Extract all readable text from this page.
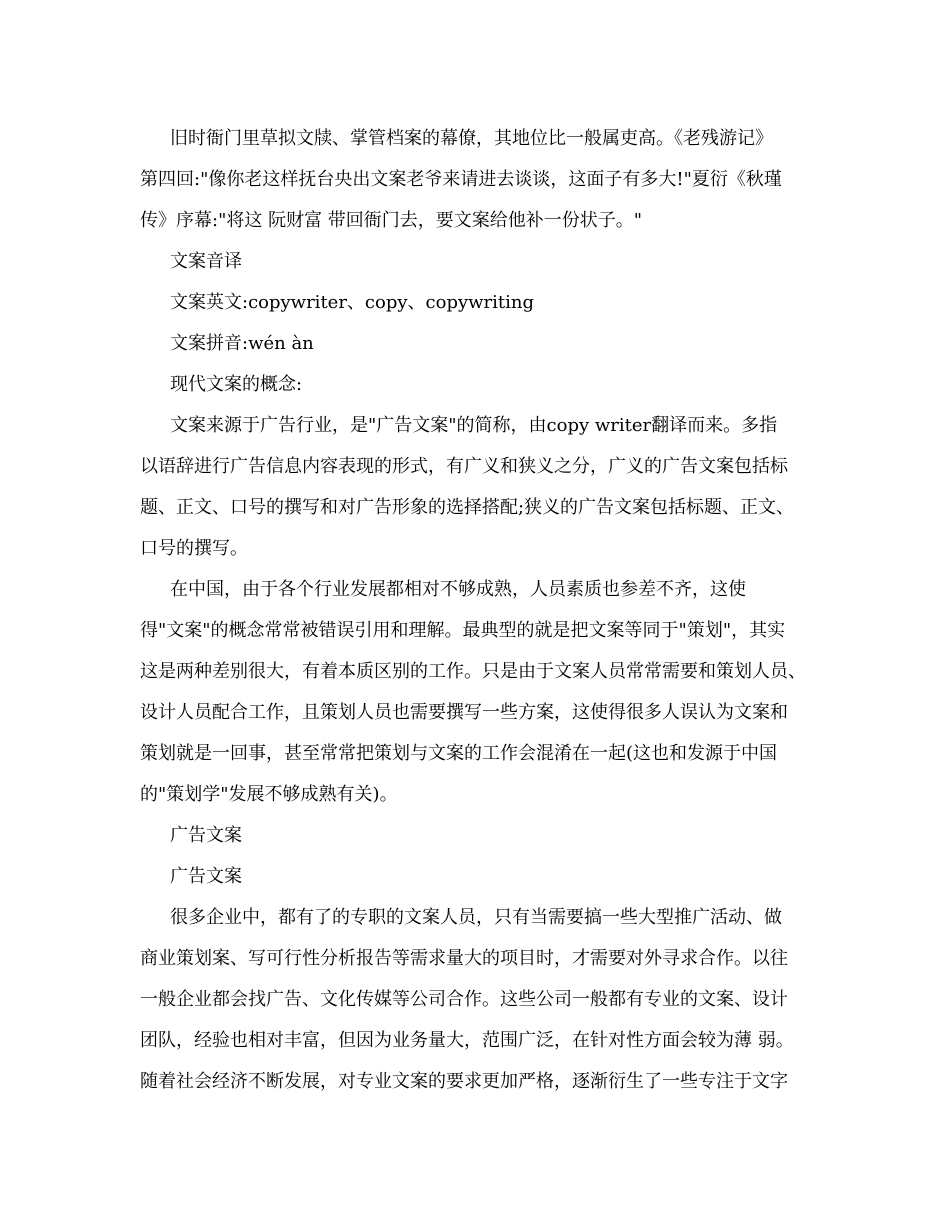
旧时衙门里草拟文牍、掌管档案的幕僚，其地位比一般属吏高。《老残游记》
第四回:"像你老这样抚台央出文案老爷来请进去谈谈，这面子有多大!"夏衍《秋瑾
传》序幕:"将这 阮财富 带回衙门去，要文案给他补一份状子。"
文案音译
文案英文:copywriter、copy、copywriting
文案拼音:wén àn
现代文案的概念:
文案来源于广告行业，是"广告文案"的简称，由copy writer翻译而来。多指
以语辞进行广告信息内容表现的形式，有广义和狭义之分，广义的广告文案包括标
题、正文、口号的撰写和对广告形象的选择搭配;狭义的广告文案包括标题、正文、
口号的撰写。
在中国，由于各个行业发展都相对不够成熟，人员素质也参差不齐，这使
得"文案"的概念常常被错误引用和理解。最典型的就是把文案等同于"策划"，其实
这是两种差别很大，有着本质区别的工作。只是由于文案人员常常需要和策划人员、
设计人员配合工作，且策划人员也需要撰写一些方案，这使得很多人误认为文案和
策划就是一回事，甚至常常把策划与文案的工作会混淆在一起(这也和发源于中国
的"策划学"发展不够成熟有关)。
广告文案
广告文案
很多企业中，都有了的专职的文案人员，只有当需要搞一些大型推广活动、做
商业策划案、写可行性分析报告等需求量大的项目时，才需要对外寻求合作。以往
一般企业都会找广告、文化传媒等公司合作。这些公司一般都有专业的文案、设计
团队，经验也相对丰富，但因为业务量大，范围广泛，在针对性方面会较为薄 弱。
随着社会经济不断发展，对专业文案的要求更加严格，逐渐衍生了一些专注于文字
